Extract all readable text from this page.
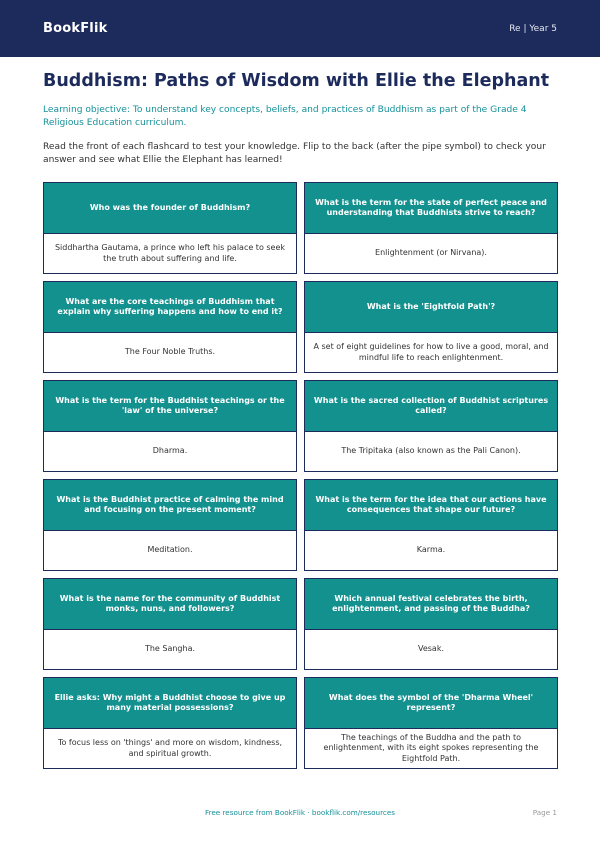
BookFlik	Re | Year 5
Buddhism: Paths of Wisdom with Ellie the Elephant
Learning objective: To understand key concepts, beliefs, and practices of Buddhism as part of the Grade 4 Religious Education curriculum.
Read the front of each flashcard to test your knowledge. Flip to the back (after the pipe symbol) to check your answer and see what Ellie the Elephant has learned!
Who was the founder of Buddhism?
Siddhartha Gautama, a prince who left his palace to seek the truth about suffering and life.
What is the term for the state of perfect peace and understanding that Buddhists strive to reach?
Enlightenment (or Nirvana).
What are the core teachings of Buddhism that explain why suffering happens and how to end it?
The Four Noble Truths.
What is the 'Eightfold Path'?
A set of eight guidelines for how to live a good, moral, and mindful life to reach enlightenment.
What is the term for the Buddhist teachings or the 'law' of the universe?
Dharma.
What is the sacred collection of Buddhist scriptures called?
The Tripitaka (also known as the Pali Canon).
What is the Buddhist practice of calming the mind and focusing on the present moment?
Meditation.
What is the term for the idea that our actions have consequences that shape our future?
Karma.
What is the name for the community of Buddhist monks, nuns, and followers?
The Sangha.
Which annual festival celebrates the birth, enlightenment, and passing of the Buddha?
Vesak.
Ellie asks: Why might a Buddhist choose to give up many material possessions?
To focus less on 'things' and more on wisdom, kindness, and spiritual growth.
What does the symbol of the 'Dharma Wheel' represent?
The teachings of the Buddha and the path to enlightenment, with its eight spokes representing the Eightfold Path.
Free resource from BookFlik · bookflik.com/resources	Page 1
